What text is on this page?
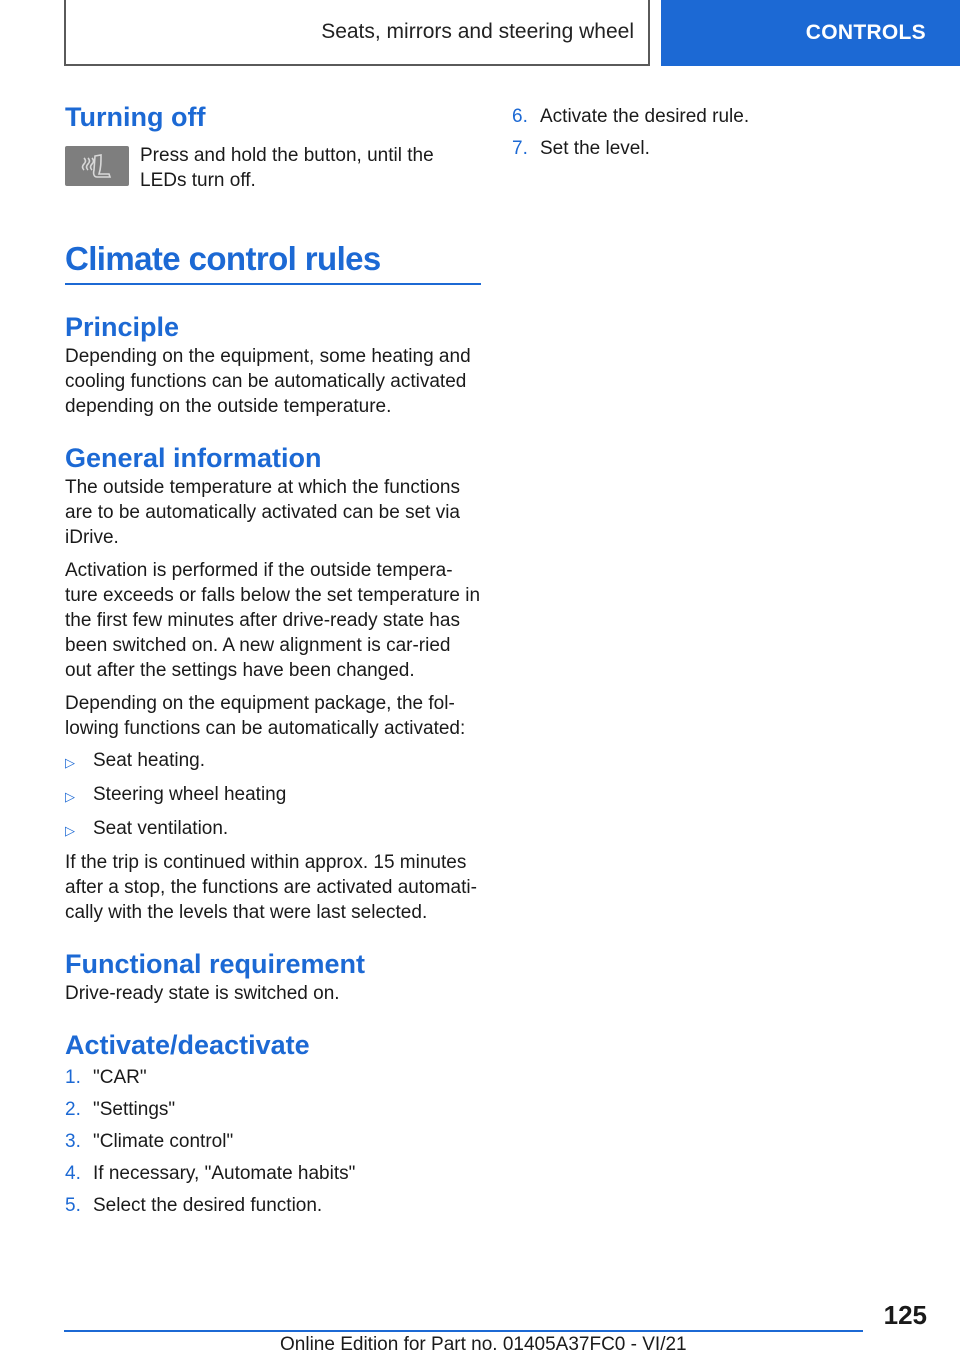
Seats, mirrors and steering wheel	CONTROLS
Turning off

Press and hold the button, until the LEDs turn off.

Climate control rules
Principle

Depending on the equipment, some heating and cooling functions can be automatically activated depending on the outside temperature.

General information

The outside temperature at which the functions are to be automatically activated can be set via iDrive.

Activation is performed if the outside tempera-ture exceeds or falls below the set temperature in the first few minutes after drive-ready state has been switched on. A new alignment is car-ried out after the settings have been changed.

Depending on the equipment package, the fol-lowing functions can be automatically activated:

▷ Seat heating.
▷ Steering wheel heating
▷ Seat ventilation.

If the trip is continued within approx. 15 minutes after a stop, the functions are activated automati-cally with the levels that were last selected.

Functional requirement

Drive-ready state is switched on.

Activate/deactivate
1. "CAR"
2. "Settings"
3. "Climate control"
4. If necessary, "Automate habits"
5. Select the desired function.
6. Activate the desired rule.
7. Set the level.
125
Online Edition for Part no. 01405A37FC0 - VI/21
